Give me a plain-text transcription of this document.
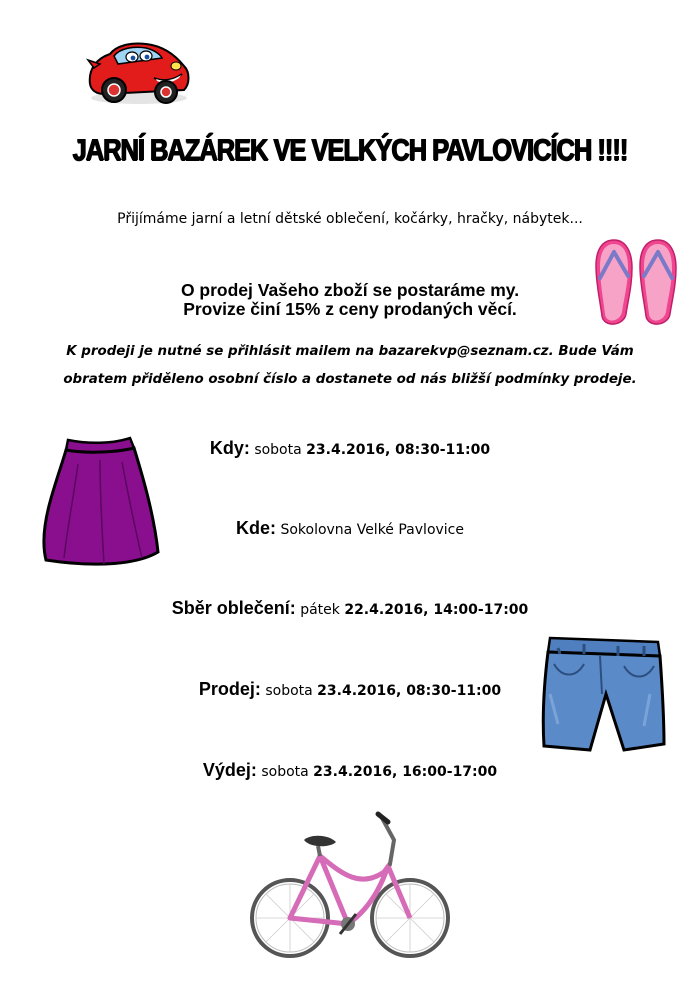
JARNÍ BAZÁREK VE VELKÝCH PAVLOVICÍCH !!!!
Přijímáme jarní a letní dětské oblečení, kočárky, hračky, nábytek...
O prodej Vašeho zboží se postaráme my.
Provize činí 15% z ceny prodaných věcí.
K prodeji je nutné se přihlásit mailem na bazarekvp@seznam.cz. Bude Vám
obratem přiděleno osobní číslo a dostanete od nás bližší podmínky prodeje.
Kdy: sobota 23.4.2016, 08:30-11:00
Kde: Sokolovna Velké Pavlovice
Sběr oblečení: pátek 22.4.2016, 14:00-17:00
Prodej: sobota 23.4.2016, 08:30-11:00
Výdej: sobota 23.4.2016, 16:00-17:00
